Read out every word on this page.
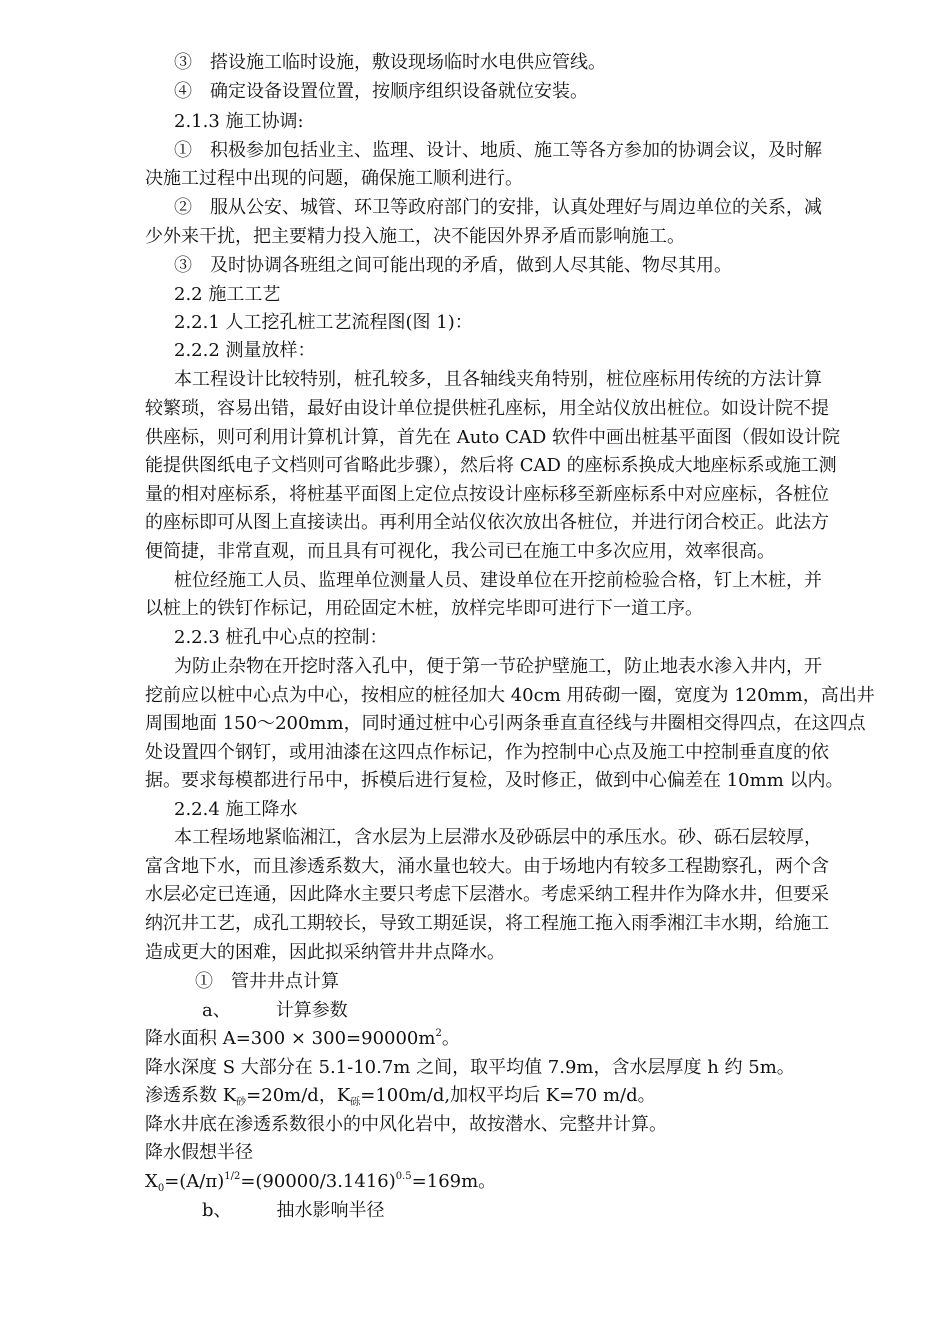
③　搭设施工临时设施，敷设现场临时水电供应管线。
④　确定设备设置位置，按顺序组织设备就位安装。
2.1.3 施工协调:
①　积极参加包括业主、监理、设计、地质、施工等各方参加的协调会议，及时解
决施工过程中出现的问题，确保施工顺利进行。
②　服从公安、城管、环卫等政府部门的安排，认真处理好与周边单位的关系，减
少外来干扰，把主要精力投入施工，决不能因外界矛盾而影响施工。
③　及时协调各班组之间可能出现的矛盾，做到人尽其能、物尽其用。
2.2 施工工艺
2.2.1 人工挖孔桩工艺流程图(图 1)：
2.2.2 测量放样：
本工程设计比较特别，桩孔较多，且各轴线夹角特别，桩位座标用传统的方法计算
较繁琐，容易出错，最好由设计单位提供桩孔座标，用全站仪放出桩位。如设计院不提
供座标，则可利用计算机计算，首先在 Auto CAD 软件中画出桩基平面图（假如设计院
能提供图纸电子文档则可省略此步骤），然后将 CAD 的座标系换成大地座标系或施工测
量的相对座标系，将桩基平面图上定位点按设计座标移至新座标系中对应座标，各桩位
的座标即可从图上直接读出。再利用全站仪依次放出各桩位，并进行闭合校正。此法方
便简捷，非常直观，而且具有可视化，我公司已在施工中多次应用，效率很高。
桩位经施工人员、监理单位测量人员、建设单位在开挖前检验合格，钉上木桩，并
以桩上的铁钉作标记，用砼固定木桩，放样完毕即可进行下一道工序。
2.2.3 桩孔中心点的控制：
为防止杂物在开挖时落入孔中，便于第一节砼护壁施工，防止地表水渗入井内，开
挖前应以桩中心点为中心，按相应的桩径加大 40cm 用砖砌一圈，宽度为 120mm，高出井
周围地面 150～200mm，同时通过桩中心引两条垂直直径线与井圈相交得四点，在这四点
处设置四个钢钉，或用油漆在这四点作标记，作为控制中心点及施工中控制垂直度的依
据。要求每模都进行吊中，拆模后进行复检，及时修正，做到中心偏差在 10mm 以内。
2.2.4 施工降水
本工程场地紧临湘江，含水层为上层滞水及砂砾层中的承压水。砂、砾石层较厚，
富含地下水，而且渗透系数大，涌水量也较大。由于场地内有较多工程勘察孔，两个含
水层必定已连通，因此降水主要只考虑下层潜水。考虑采纳工程井作为降水井，但要采
纳沉井工艺，成孔工期较长，导致工期延误，将工程施工拖入雨季湘江丰水期，给施工
造成更大的困难，因此拟采纳管井井点降水。
①　管井井点计算
a、　　　计算参数
降水面积 $A=300 \times 300=90000m^2$。
降水深度 S 大部分在 5.1-10.7m 之间，取平均值 7.9m，含水层厚度 h 约 5m。
渗透系数 $K_砂=20m/d$，$K_砾=100m/d$,加权平均后 K=70 m/d。
降水井底在渗透系数很小的中风化岩中，故按潜水、完整井计算。
降水假想半径
$X_0=(A/\pi)^{1/2}=(90000/3.1416)^{0.5}=169m$。
b、　　　抽水影响半径
